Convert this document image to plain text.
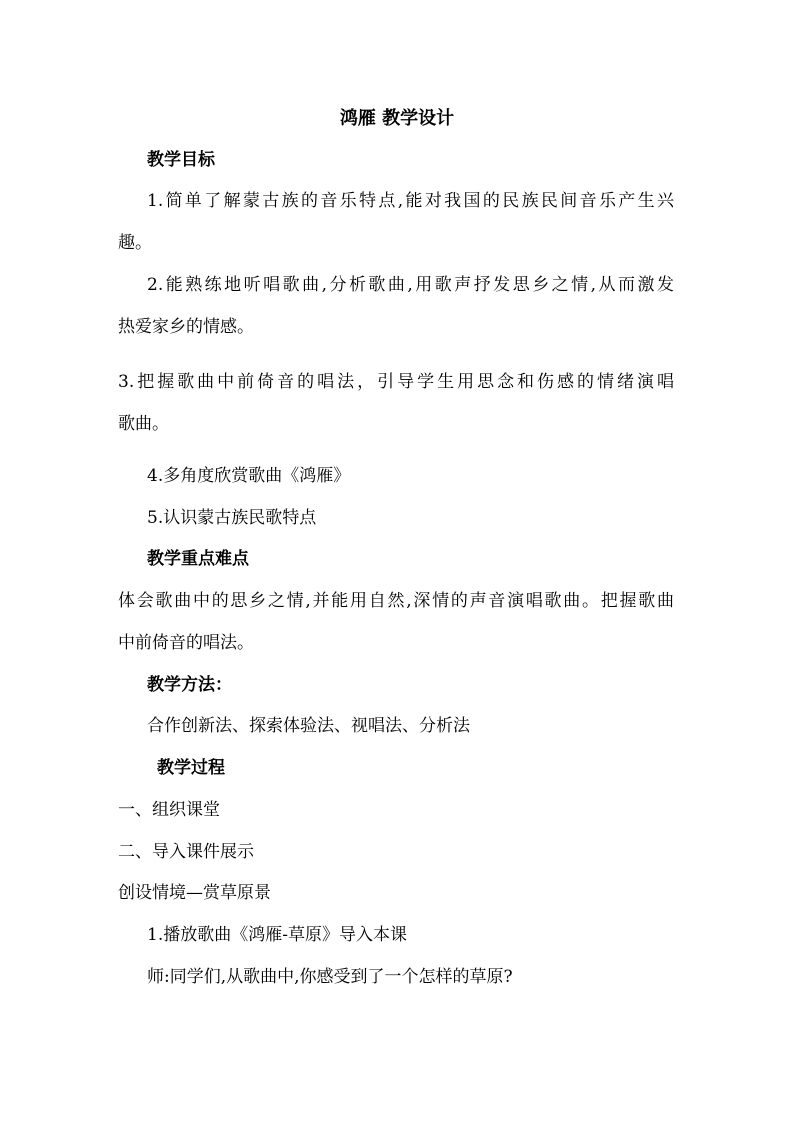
鸿雁 教学设计
教学目标
1.简单了解蒙古族的音乐特点,能对我国的民族民间音乐产生兴
趣。
2.能熟练地听唱歌曲,分析歌曲,用歌声抒发思乡之情,从而激发
热爱家乡的情感。
3.把握歌曲中前倚音的唱法，引导学生用思念和伤感的情绪演唱
歌曲。
4.多角度欣赏歌曲《鸿雁》
5.认识蒙古族民歌特点
教学重点难点
体会歌曲中的思乡之情,并能用自然,深情的声音演唱歌曲。把握歌曲
中前倚音的唱法。
教学方法：
合作创新法、探索体验法、视唱法、分析法
教学过程
一、组织课堂
二、导入课件展示
创设情境—赏草原景
1.播放歌曲《鸿雁-草原》导入本课
师:同学们,从歌曲中,你感受到了一个怎样的草原?
